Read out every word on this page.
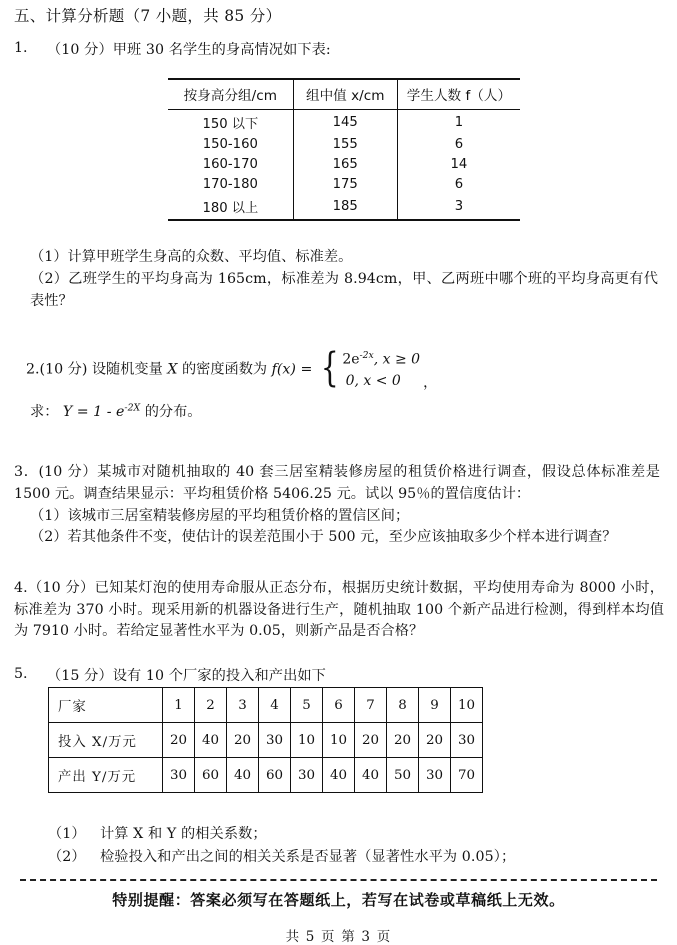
五、计算分析题（7 小题，共 85 分）
1. （10 分）甲班 30 名学生的身高情况如下表:
按身高分组/cm	组中值 x/cm	学生人数 f（人）
150 以下	145	1
150-160	155	6
160-170	165	14
170-180	175	6
180 以上	185	3
（1）计算甲班学生身高的众数、平均值、标准差。
（2）乙班学生的平均身高为 165cm，标准差为 8.94cm，甲、乙两班中哪个班的平均身高更有代表性？
2.(10 分) 设随机变量 X 的密度函数为 f(x) = { $2e^{-2x}$, x ≥ 0
0, x < 0	，
求： $Y = 1 - e^{-2X}$ 的分布。
3．(10 分）某城市对随机抽取的 40 套三居室精装修房屋的租赁价格进行调查，假设总体标准差是 1500 元。调查结果显示：平均租赁价格 5406.25 元。试以 95％的置信度估计：
（1）该城市三居室精装修房屋的平均租赁价格的置信区间；
（2）若其他条件不变，使估计的误差范围小于 500 元，至少应该抽取多少个样本进行调查？
4.（10 分）已知某灯泡的使用寿命服从正态分布，根据历史统计数据，平均使用寿命为 8000 小时，标准差为 370 小时。现采用新的机器设备进行生产，随机抽取 100 个新产品进行检测，得到样本均值为 7910 小时。若给定显著性水平为 0.05，则新产品是否合格？
5. （15 分）设有 10 个厂家的投入和产出如下
厂家	1	2	3	4	5	6	7	8	9	10
投入 X/万元	20	40	20	30	10	10	20	20	20	30
产出 Y/万元	30	60	40	60	30	40	40	50	30	70
（1） 计算 X 和 Y 的相关系数；
（2） 检验投入和产出之间的相关关系是否显著（显著性水平为 0.05）；
特别提醒：答案必须写在答题纸上，若写在试卷或草稿纸上无效。
共 5 页 第 3 页
